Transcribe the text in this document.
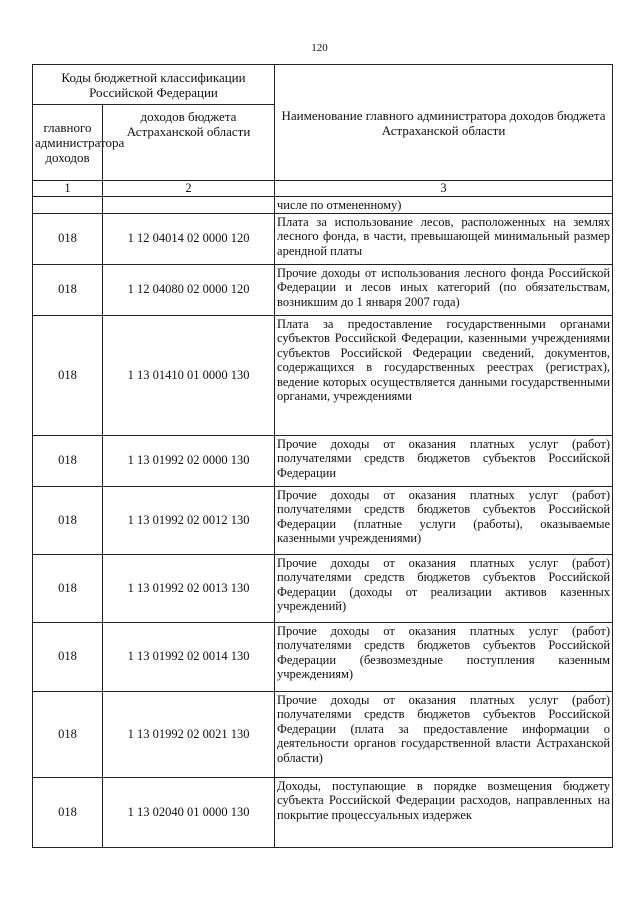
120
Коды бюджетной классификации Российской Федерации		Наименование главного администратора доходов бюджета Астраханской области
главного администратора доходов	доходов бюджета Астраханской области	
1	2	3
		числе по отмененному)
018	1 12 04014 02 0000 120	Плата за использование лесов, расположенных на землях лесного фонда, в части, превышающей минимальный размер арендной платы
018	1 12 04080 02 0000 120	Прочие доходы от использования лесного фонда Российской Федерации и лесов иных категорий (по обязательствам, возникшим до 1 января 2007 года)
018	1 13 01410 01 0000 130	Плата за предоставление государственными органами субъектов Российской Федерации, казенными учреждениями субъектов Российской Федерации сведений, документов, содержащихся в государственных реестрах (регистрах), ведение которых осуществляется данными государственными органами, учреждениями
018	1 13 01992 02 0000 130	Прочие доходы от оказания платных услуг (работ) получателями средств бюджетов субъектов Российской Федерации
018	1 13 01992 02 0012 130	Прочие доходы от оказания платных услуг (работ) получателями средств бюджетов субъектов Российской Федерации (платные услуги (работы), оказываемые казенными учреждениями)
018	1 13 01992 02 0013 130	Прочие доходы от оказания платных услуг (работ) получателями средств бюджетов субъектов Российской Федерации (доходы от реализации активов казенных учреждений)
018	1 13 01992 02 0014 130	Прочие доходы от оказания платных услуг (работ) получателями средств бюджетов субъектов Российской Федерации (безвозмездные поступления казенным учреждениям)
018	1 13 01992 02 0021 130	Прочие доходы от оказания платных услуг (работ) получателями средств бюджетов субъектов Российской Федерации (плата за предоставление информации о деятельности органов государственной власти Астраханской области)
018	1 13 02040 01 0000 130	Доходы, поступающие в порядке возмещения бюджету субъекта Российской Федерации расходов, направленных на покрытие процессуальных издержек
